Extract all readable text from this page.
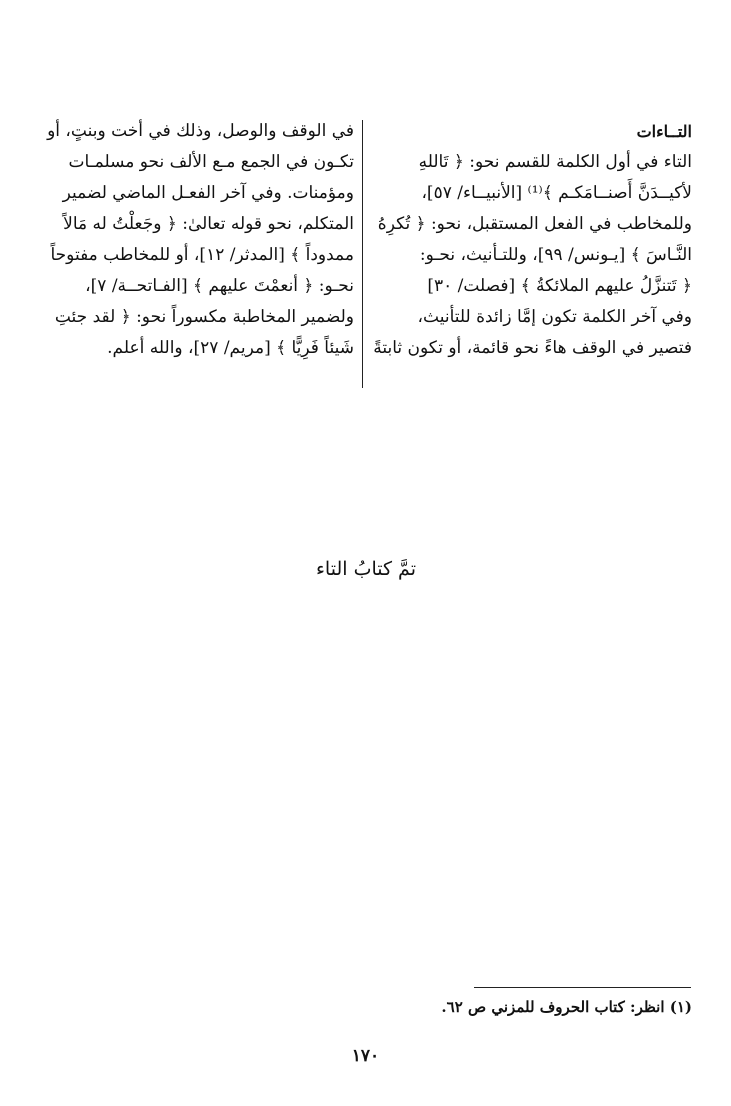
التــاءات
التاء في أول الكلمة للقسم نحو: ﴿ تَاللهِ
لأكيــدَنَّ أَصنــامَكـم ﴾⁽¹⁾ [الأنبيــاء/ ٥٧]،
وللمخاطب في الفعل المستقبل، نحو: ﴿ تُكرِهُ
النَّـاسَ ﴾ [يـونس/ ٩٩]، وللتـأنيث، نحـو:
﴿ تَتنزَّلُ عليهم الملائكةُ ﴾ [فصلت/ ٣٠]
وفي آخر الكلمة تكون إمَّا زائدة للتأنيث،
فتصير في الوقف هاءً نحو قائمة، أو تكون ثابتةً
في الوقف والوصل، وذلك في أخت وبنتٍ، أو
تكـون في الجمع مـع الألف نحو مسلمـات
ومؤمنات. وفي آخر الفعـل الماضي لضمير
المتكلم، نحو قوله تعالىٰ: ﴿ وجَعلْتُ له مَالاً
ممدوداً ﴾ [المدثر/ ١٢]، أو للمخاطب مفتوحاً
نحـو: ﴿ أنعمْتَ عليهم ﴾ [الفـاتحــة/ ٧]،
ولضمير المخاطبة مكسوراً نحو: ﴿ لقد جئتِ
شَيئاً فَرِيًّا ﴾ [مريم/ ٢٧]، والله أعلم.
تمَّ كتابُ التاء
(١) انظر: كتاب الحروف للمزني ص ٦٢.
١٧٠
